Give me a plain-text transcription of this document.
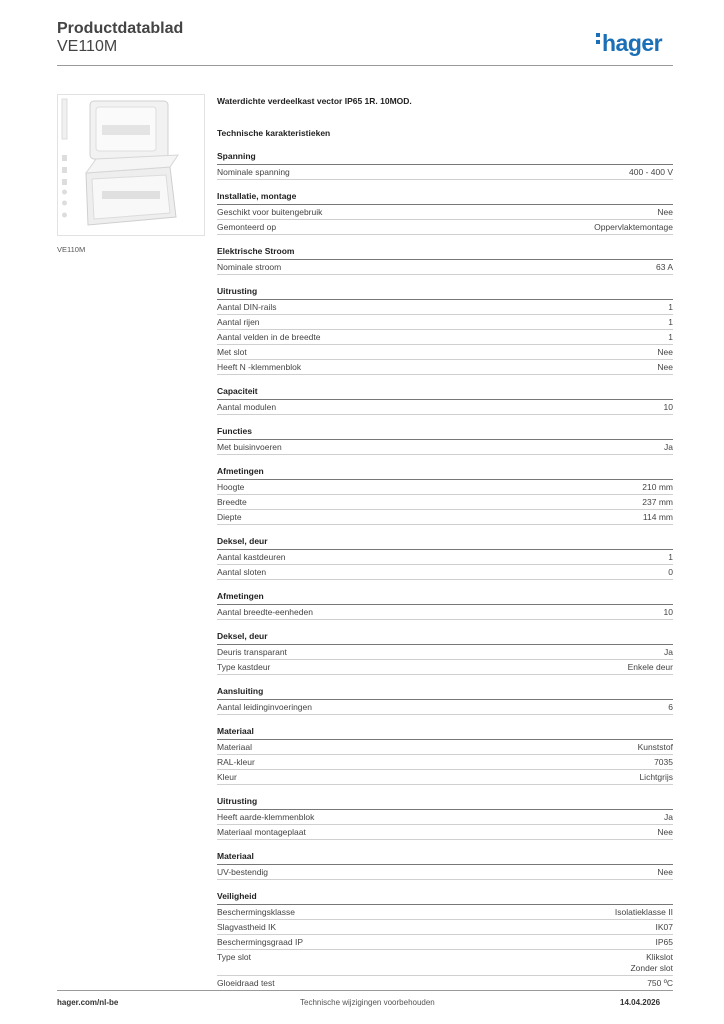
Productdatablad
VE110M	hager
VE110M
Waterdichte verdeelkast vector IP65 1R. 10MOD.
Technische karakteristieken
Spanning
Nominale spanning	400 - 400 V
Installatie, montage
Geschikt voor buitengebruik	Nee
Gemonteerd op	Oppervlaktemontage
Elektrische Stroom
Nominale stroom	63 A
Uitrusting
Aantal DIN-rails	1
Aantal rijen	1
Aantal velden in de breedte	1
Met slot	Nee
Heeft N -klemmenblok	Nee
Capaciteit
Aantal modulen	10
Functies
Met buisinvoeren	Ja
Afmetingen
Hoogte	210 mm
Breedte	237 mm
Diepte	114 mm
Deksel, deur
Aantal kastdeuren	1
Aantal sloten	0
Afmetingen
Aantal breedte-eenheden	10
Deksel, deur
Deuris transparant	Ja
Type kastdeur	Enkele deur
Aansluiting
Aantal leidinginvoeringen	6
Materiaal
Materiaal	Kunststof
RAL-kleur	7035
Kleur	Lichtgrijs
Uitrusting
Heeft aarde-klemmenblok	Ja
Materiaal montageplaat	Nee
Materiaal
UV-bestendig	Nee
Veiligheid
Beschermingsklasse	Isolatieklasse II
Slagvastheid IK	IK07
Beschermingsgraad IP	IP65
Type slot	Klikslot
Zonder slot
Gloeidraad test	750 ºC
hager.com/nl-be	Technische wijzigingen voorbehouden	14.04.2026
